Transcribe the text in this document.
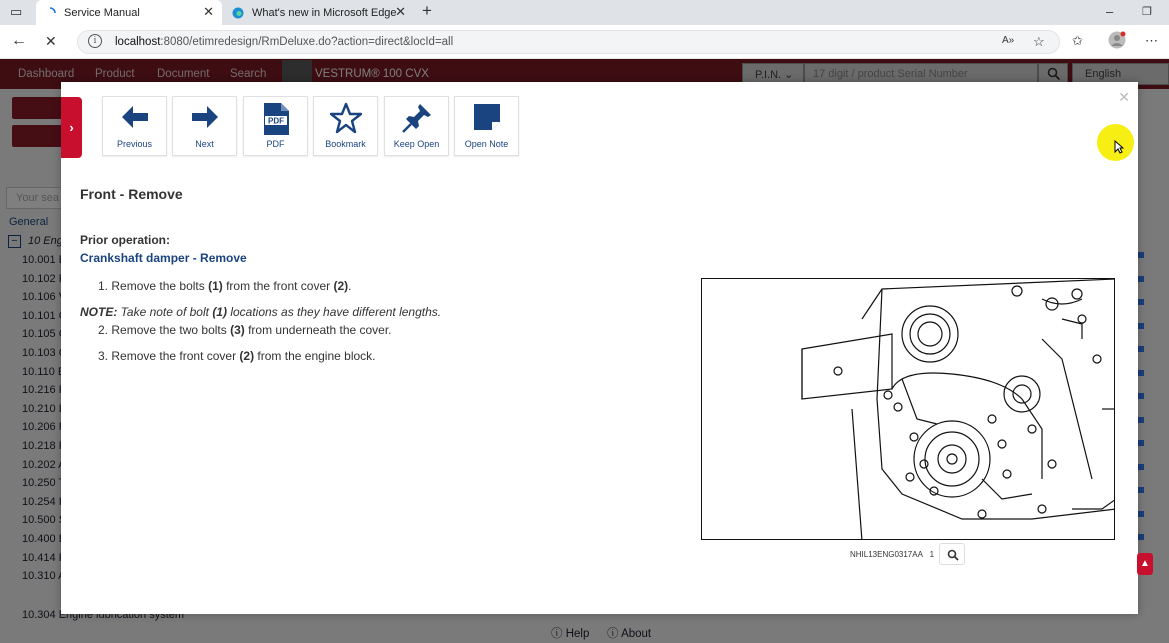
▭	Service Manual	✕	What's new in Microsoft Edge
✕ +	–	❐
← ✕	i	localhost:8080/etimredesign/RmDeluxe.do?action=direct&locId=all	A» ☆ ✩	⋯
›
✕
Previous	Next
PDF
PDF	Bookmark	Keep Open	Open Note
Front - Remove
Prior operation:
Crankshaft damper - Remove
1. Remove the bolts (1) from the front cover (2).
NOTE: Take note of bolt (1) locations as they have different lengths.
2. Remove the two bolts (3) from underneath the cover.
3. Remove the front cover (2) from the engine block.
NHIL13ENG0317AA 1
▲
